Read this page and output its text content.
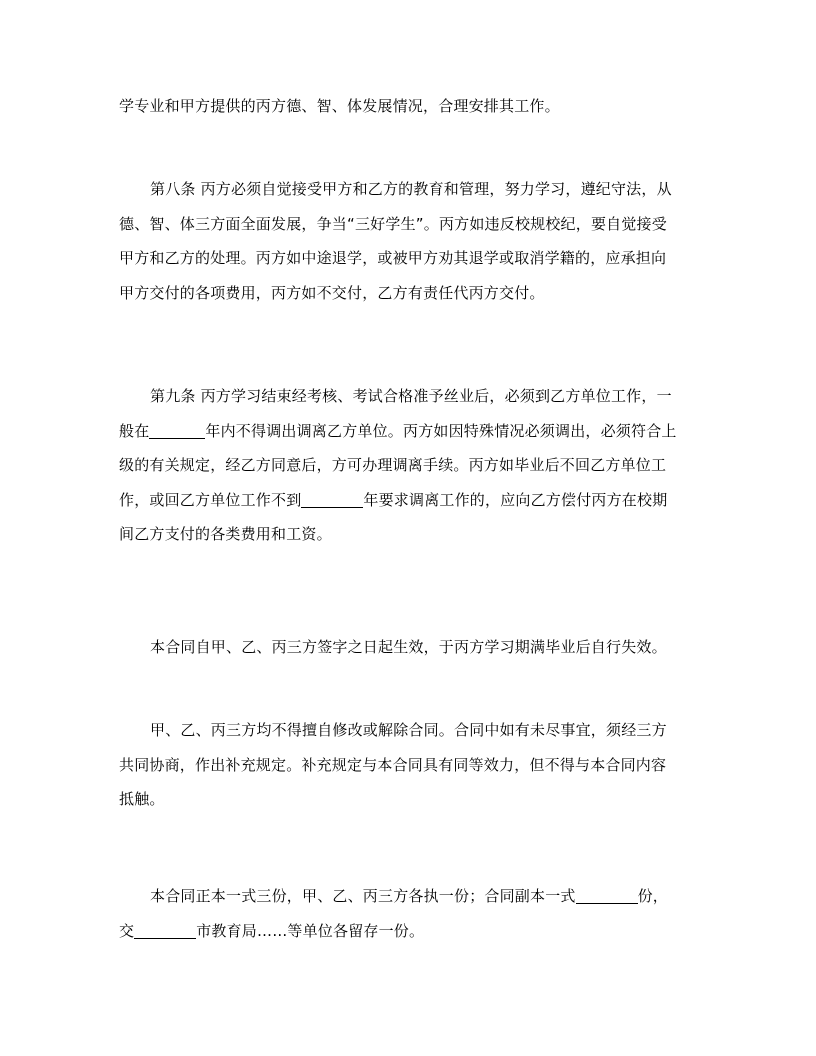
学专业和甲方提供的丙方德、智、体发展情况，合理安排其工作。

第八条 丙方必须自觉接受甲方和乙方的教育和管理，努力学习，遵纪守法，从
德、智、体三方面全面发展，争当“三好学生”。丙方如违反校规校纪，要自觉接受
甲方和乙方的处理。丙方如中途退学，或被甲方劝其退学或取消学籍的，应承担向
甲方交付的各项费用，丙方如不交付，乙方有责任代丙方交付。

第九条 丙方学习结束经考核、考试合格准予丝业后，必须到乙方单位工作，一
般在	年内不得调出调离乙方单位。丙方如因特殊情况必须调出，必须符合上
级的有关规定，经乙方同意后，方可办理调离手续。丙方如毕业后不回乙方单位工
作，或回乙方单位工作不到	年要求调离工作的，应向乙方偿付丙方在校期
间乙方支付的各类费用和工资。

本合同自甲、乙、丙三方签字之日起生效，于丙方学习期满毕业后自行失效。

甲、乙、丙三方均不得擅自修改或解除合同。合同中如有未尽事宜，须经三方
共同协商，作出补充规定。补充规定与本合同具有同等效力，但不得与本合同内容
抵触。

本合同正本一式三份，甲、乙、丙三方各执一份；合同副本一式	份，
交	市教育局……等单位各留存一份。
